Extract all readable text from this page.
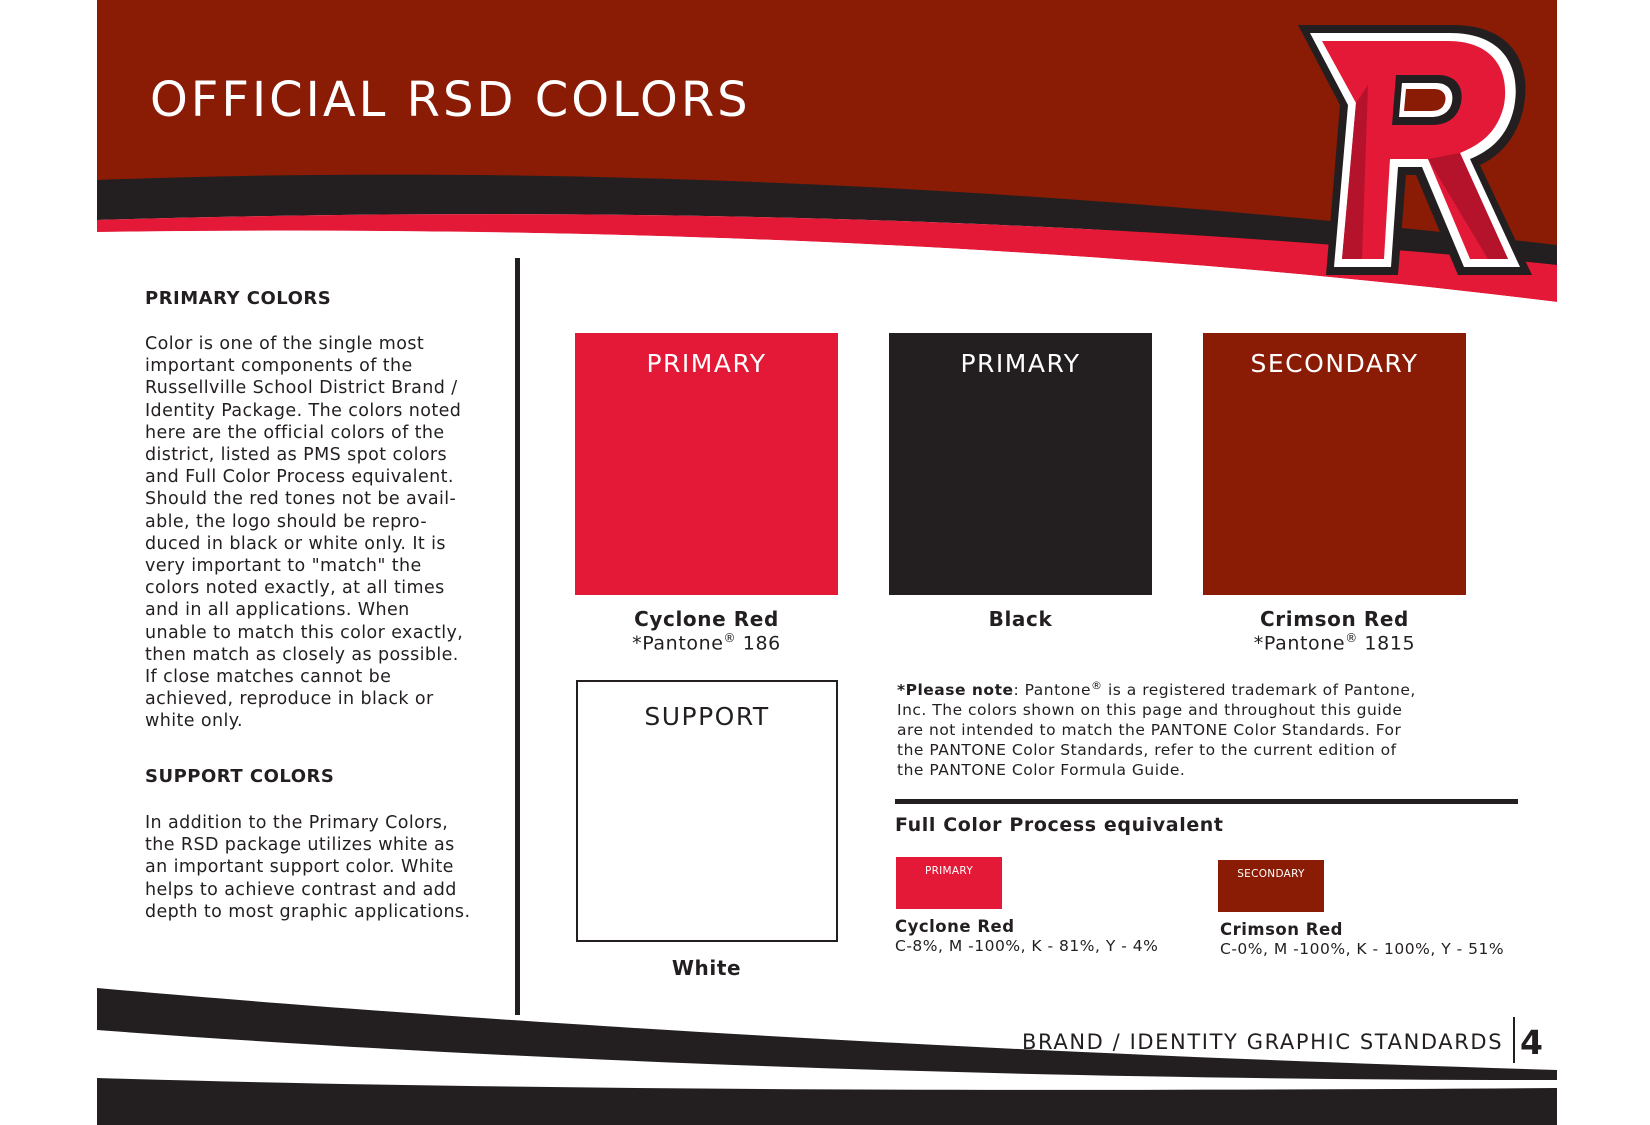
OFFICIAL RSD COLORS
PRIMARY COLORS
Color is one of the single most
important components of the
Russellville School District Brand /
Identity Package. The colors noted
here are the official colors of the
district, listed as PMS spot colors
and Full Color Process equivalent.
Should the red tones not be avail-
able, the logo should be repro-
duced in black or white only. It is
very important to "match" the
colors noted exactly, at all times
and in all applications. When
unable to match this color exactly,
then match as closely as possible.
If close matches cannot be
achieved, reproduce in black or
white only.
SUPPORT COLORS
In addition to the Primary Colors,
the RSD package utilizes white as
an important support color. White
helps to achieve contrast and add
depth to most graphic applications.
PRIMARY	PRIMARY	SECONDARY
SUPPORT
Cyclone Red
*Pantone® 186
Black	Crimson Red
*Pantone® 1815
White
*Please note: Pantone® is a registered trademark of Pantone, Inc. The colors shown on this page and throughout this guide are not intended to match the PANTONE Color Standards. For the PANTONE Color Standards, refer to the current edition of the PANTONE Color Formula Guide.
Full Color Process equivalent
PRIMARY	SECONDARY
Cyclone Red
C-8%, M -100%, K - 81%, Y - 4%
Crimson Red
C-0%, M -100%, K - 100%, Y - 51%
BRAND / IDENTITY GRAPHIC STANDARDS 4
